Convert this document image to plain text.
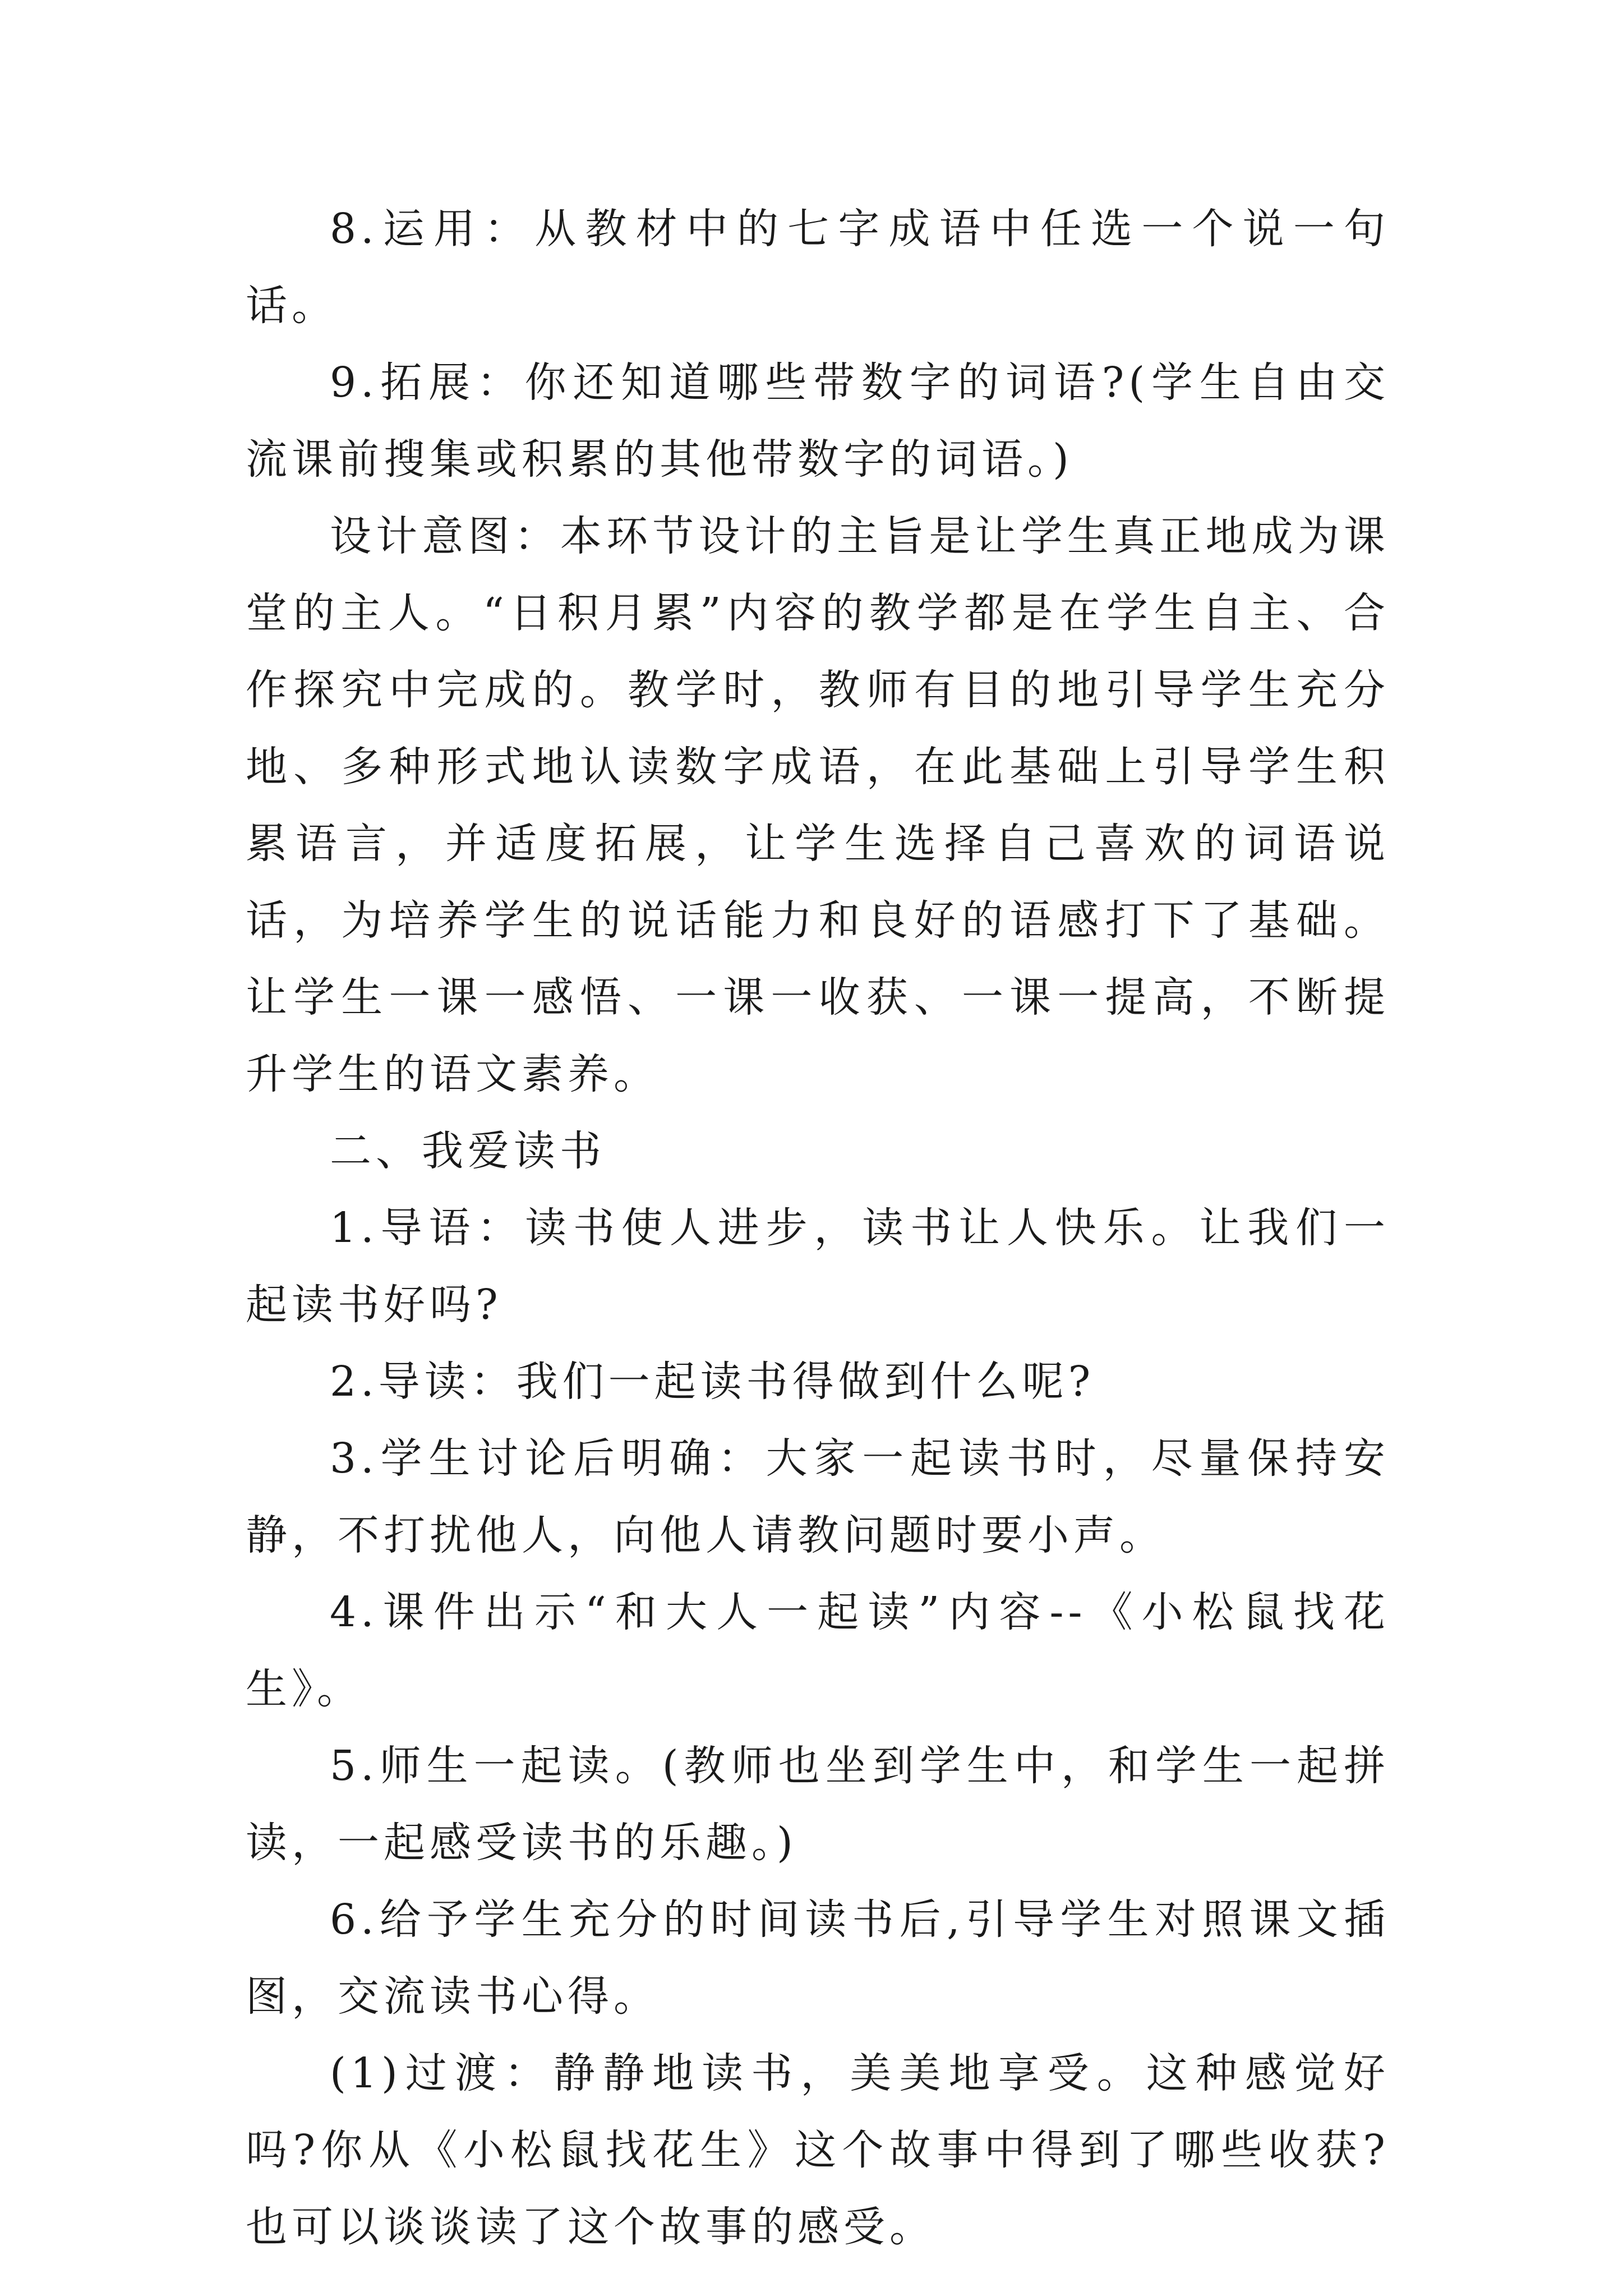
8.运用：从教材中的七字成语中任选一个说一句话。

9.拓展：你还知道哪些带数字的词语?(学生自由交流课前搜集或积累的其他带数字的词语。)

设计意图：本环节设计的主旨是让学生真正地成为课堂的主人。“日积月累”内容的教学都是在学生自主、合作探究中完成的。教学时，教师有目的地引导学生充分地、多种形式地认读数字成语，在此基础上引导学生积累语言，并适度拓展，让学生选择自己喜欢的词语说话，为培养学生的说话能力和良好的语感打下了基础。让学生一课一感悟、一课一收获、一课一提高，不断提升学生的语文素养。

二、我爱读书

1.导语：读书使人进步，读书让人快乐。让我们一起读书好吗?

2.导读：我们一起读书得做到什么呢?

3.学生讨论后明确：大家一起读书时，尽量保持安静，不打扰他人，向他人请教问题时要小声。

4.课件出示“和大人一起读”内容--《小松鼠找花生》。

5.师生一起读。(教师也坐到学生中，和学生一起拼读，一起感受读书的乐趣。)

6.给予学生充分的时间读书后,引导学生对照课文插图，交流读书心得。

(1)过渡：静静地读书，美美地享受。这种感觉好吗?你从《小松鼠找花生》这个故事中得到了哪些收获?也可以谈谈读了这个故事的感受。
